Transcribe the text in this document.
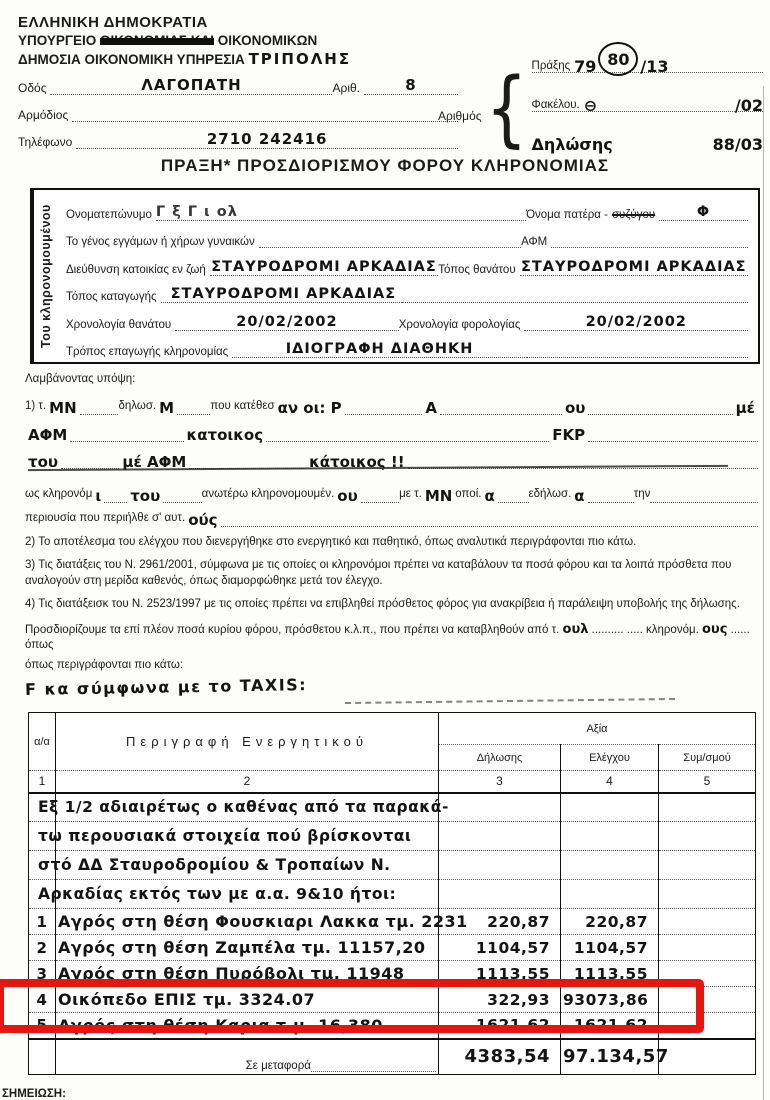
ΕΛΛΗΝΙΚΗ ΔΗΜΟΚΡΑΤΙΑ
ΥΠΟΥΡΓΕΙΟ ΟΙΚΟΝΟΜΙΑΣ ΚΑΙ ΟΙΚΟΝΟΜΙΚΩΝ
ΔΗΜΟΣΙΑ ΟΙΚΟΝΟΜΙΚΗ ΥΠΗΡΕΣΙΑ ΤΡΙΠΟΛΗΣ
Οδός	ΛΑΓΟΠΑΤΗ	Αριθ.	8
Αρμόδιος
Τηλέφωνο	2710 242416
Αριθμός { Πράξης 79 80 /13
Φακέλου. ⊖	/02
Δηλώσης	88/03
ΠΡΑΞΗ* ΠΡΟΣΔΙΟΡΙΣΜΟΥ ΦΟΡΟΥ ΚΛΗΡΟΝΟΜΙΑΣ
Του κληρονομουμένου	Ονοματεπώνυμο Γ ξ Γ ι ολ	Όνομα πατέρα - συζύγου	Φ
Το γένος εγγάμων ή χήρων γυναικών	ΑΦΜ
Διεύθυνση κατοικίας εν ζωή ΣΤΑΥΡΟΔΡΟΜΙ ΑΡΚΑΔΙΑΣ Τόπος θανάτου ΣΤΑΥΡΟΔΡΟΜΙ ΑΡΚΑΔΙΑΣ
Τόπος καταγωγής ΣΤΑΥΡΟΔΡΟΜΙ ΑΡΚΑΔΙΑΣ
Χρονολογία θανάτου	20/02/2002	Χρονολογία φορολογίας	20/02/2002
Τρόπος επαγωγής κληρονομίας	ΙΔΙΟΓΡΑΦΗ ΔΙΑΘΗΚΗ
Λαμβάνοντας υπόψη:
1) τ. ΜΝ	δηλωσ. Μ	που κατέθεσ αν οι: Ρ	Α	ου	μέ
ΑΦΜ	κατοικος	FΚΡ
του	μέ ΑΦΜ	κάτοικος !!
ως κληρονόμ ι του	ανωτέρω κληρονομουμέν. ου	με τ. ΜΝ οποί. α	εδήλωσ. α	την
περιουσία που περιήλθε σ' αυτ. ούς
2) Το αποτέλεσμα του ελέγχου που διενεργήθηκε στο ενεργητικό και παθητικό, όπως αναλυτικά περιγράφονται πιο κάτω.
3) Τις διατάξεις του Ν. 2961/2001, σύμφωνα με τις οποίες οι κληρονόμοι πρέπει να καταβάλουν τα ποσά φόρου και τα λοιπά πρόσθετα που αναλογούν στη μερίδα καθενός, όπως διαμορφώθηκε μετά τον έλεγχο.
4) Τις διατάξεισκ του Ν. 2523/1997 με τις οποίες πρέπει να επιβληθεί πρόσθετος φόρος για ανακρίβεια ή παράλειψη υποβολής της δήλωσης.
Προσδιορίζουμε τα επί πλέον ποσά κυρίου φόρου, πρόσθετου κ.λ.π., που πρέπει να καταβληθούν από τ. ουλ .......... ..... κληρονόμ. ους ...... όπως
όπως περιγράφονται πιο κάτω:
F κα σύμφωνα με το TAXIS:
α/α	Περιγραφή Ενεργητικού	Αξία		
		Δήλωσης	Ελέγχου	Συμ/σμού
1	2	3	4	5
	Εξ 1/2 αδιαιρέτως ο καθένας από τα παρακά-			
	τω περουσιακά στοιχεία πού βρίσκονται			
	στό ΔΔ Σταυροδρομίου & Τροπαίων Ν.			
	Αρκαδίας εκτός των με α.α. 9&10 ήτοι:			
1	Αγρός στη θέση Φουσκιαρι Λακκα τμ. 2231	220,87	220,87	
2	Αγρός στη θέση Ζαμπέλα τμ. 11157,20	1104,57	1104,57	
3	Αγρός στη θέση Πυρόβολι τμ. 11948	1113,55	1113,55	
4	Οικόπεδο ΕΠΙΣ τμ. 3324.07	322,93	93073,86	
5	Αγρός στη θέση Καρια τ.μ. 16,380	1621,62	1621,62	

	Σε μεταφορά	4383,54	97.134,57	
ΣΗΜΕΙΩΣΗ:
